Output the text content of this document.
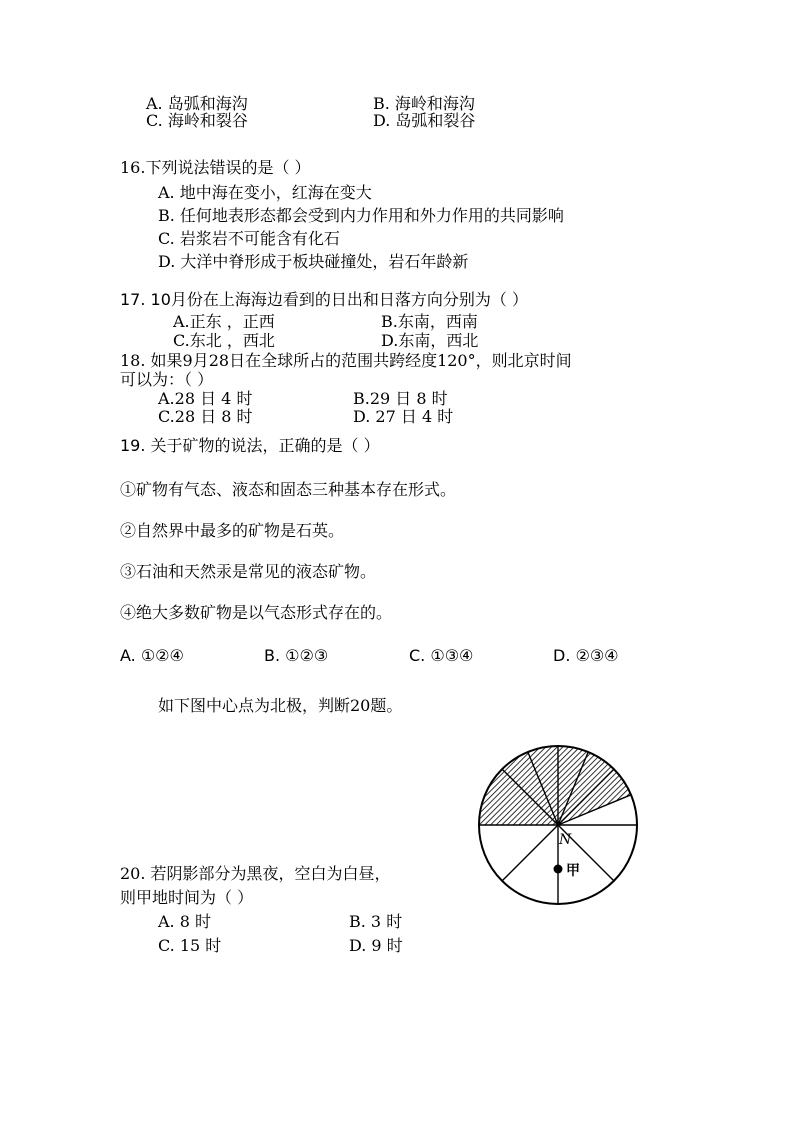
A. 岛弧和海沟	B. 海岭和海沟
C. 海岭和裂谷	D. 岛弧和裂谷
16.下列说法错误的是（ ）
A. 地中海在变小，红海在变大
B. 任何地表形态都会受到内力作用和外力作用的共同影响
C. 岩浆岩不可能含有化石
D. 大洋中脊形成于板块碰撞处，岩石年龄新
17. 10月份在上海海边看到的日出和日落方向分别为（ ）
A.正东 ，正西	B.东南，西南
C.东北 ，西北	D.东南，西北
18. 如果9月28日在全球所占的范围共跨经度120°，则北京时间
可以为：（ ）
A.28 日 4 时	B.29 日 8 时
C.28 日 8 时	D. 27 日 4 时
19. 关于矿物的说法，正确的是（ ）
①矿物有气态、液态和固态三种基本存在形式。
②自然界中最多的矿物是石英。
③石油和天然汞是常见的液态矿物。
④绝大多数矿物是以气态形式存在的。
A. ①②④	B. ①②③	C. ①③④	D. ②③④
如下图中心点为北极，判断20题。
N
甲
20. 若阴影部分为黑夜，空白为白昼，
则甲地时间为（ ）
A. 8 时	B. 3 时
C. 15 时	D. 9 时
